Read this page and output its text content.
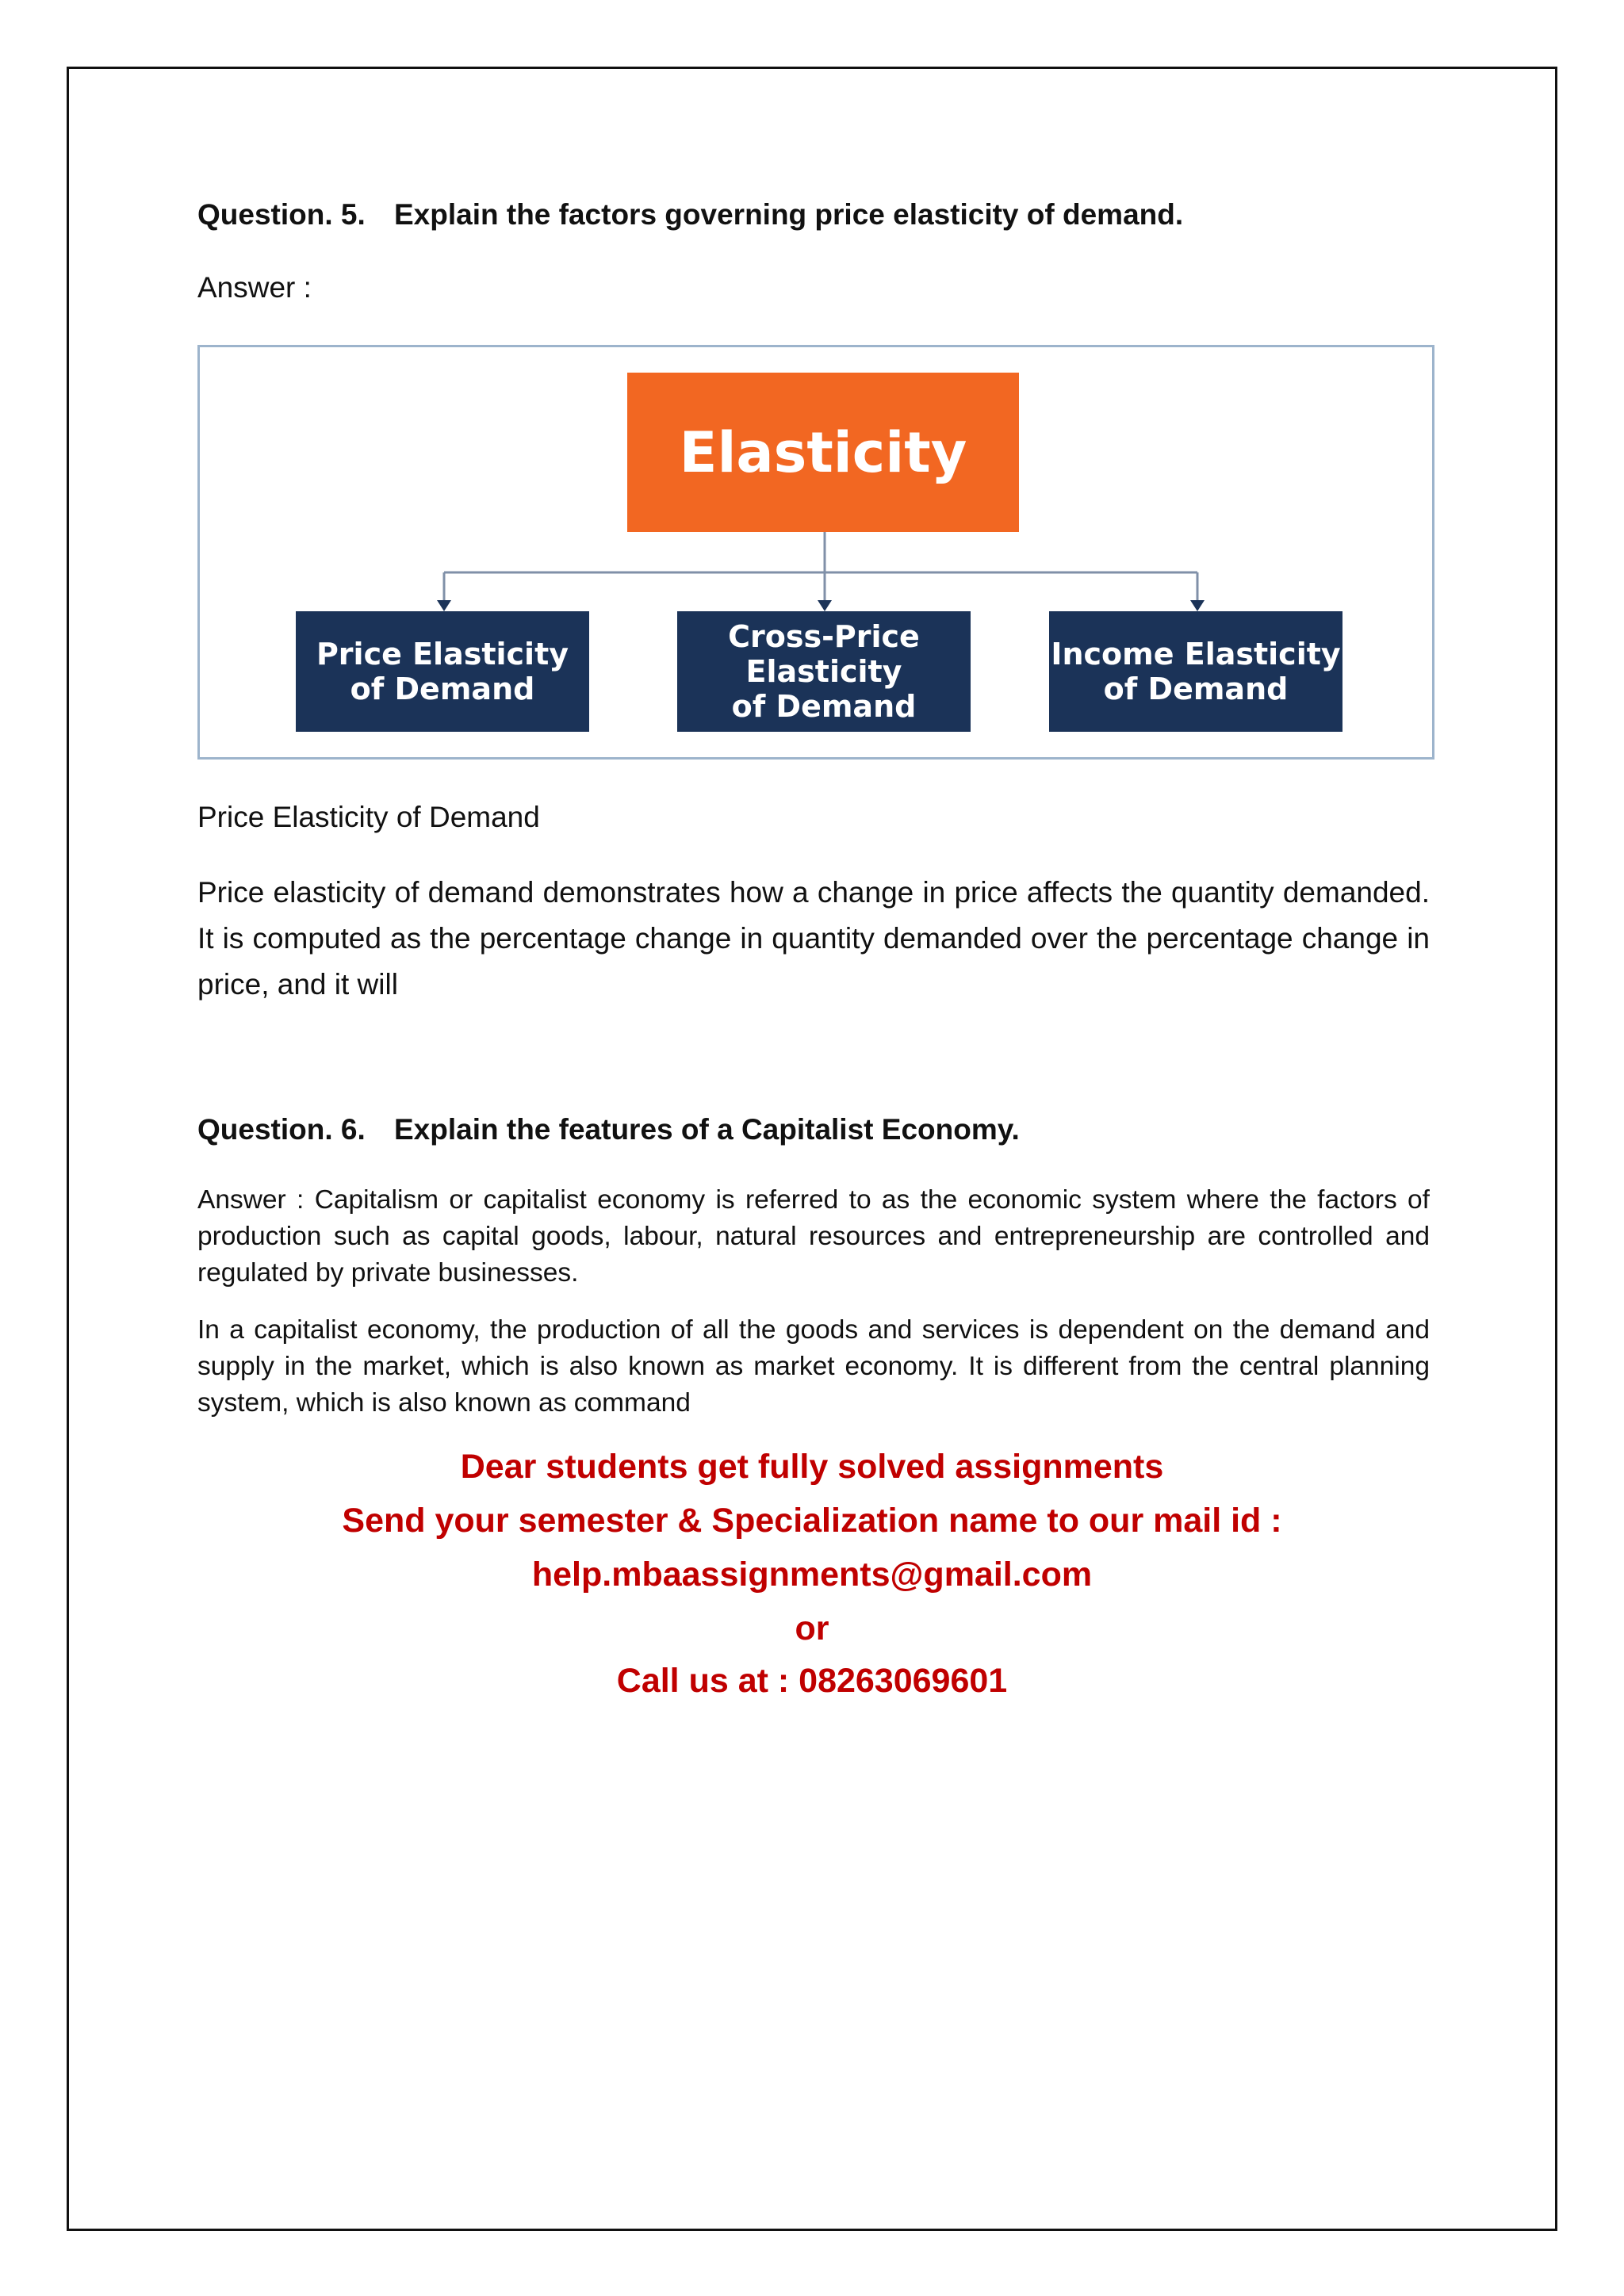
Question. 5. Explain the factors governing price elasticity of demand.
Answer :
Elasticity
Price Elasticity
of Demand
Cross-Price
Elasticity
of Demand
Income Elasticity
of Demand
Price Elasticity of Demand
Price elasticity of demand demonstrates how a change in price affects the quantity demanded. It is computed as the percentage change in quantity demanded over the percentage change in price, and it will
Question. 6. Explain the features of a Capitalist Economy.
Answer : Capitalism or capitalist economy is referred to as the economic system where the factors of production such as capital goods, labour, natural resources and entrepreneurship are controlled and regulated by private businesses.
In a capitalist economy, the production of all the goods and services is dependent on the demand and supply in the market, which is also known as market economy. It is different from the central planning system, which is also known as command
Dear students get fully solved assignments
Send your semester & Specialization name to our mail id :
help.mbaassignments@gmail.com
or
Call us at : 08263069601
